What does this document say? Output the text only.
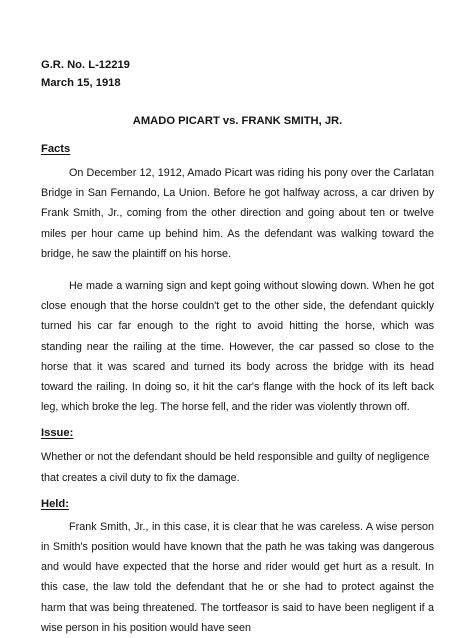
G.R. No. L-12219
March 15, 1918
AMADO PICART vs. FRANK SMITH, JR.
Facts

On December 12, 1912, Amado Picart was riding his pony over the Carlatan Bridge in San Fernando, La Union. Before he got halfway across, a car driven by Frank Smith, Jr., coming from the other direction and going about ten or twelve miles per hour came up behind him. As the defendant was walking toward the bridge, he saw the plaintiff on his horse.

He made a warning sign and kept going without slowing down. When he got close enough that the horse couldn't get to the other side, the defendant quickly turned his car far enough to the right to avoid hitting the horse, which was standing near the railing at the time. However, the car passed so close to the horse that it was scared and turned its body across the bridge with its head toward the railing. In doing so, it hit the car's flange with the hock of its left back leg, which broke the leg. The horse fell, and the rider was violently thrown off.

Issue:

Whether or not the defendant should be held responsible and guilty of negligence that creates a civil duty to fix the damage.

Held:

Frank Smith, Jr., in this case, it is clear that he was careless. A wise person in Smith's position would have known that the path he was taking was dangerous and would have expected that the horse and rider would get hurt as a result. In this case, the law told the defendant that he or she had to protect against the harm that was being threatened. The tortfeasor is said to have been negligent if a wise person in his position would have seen
